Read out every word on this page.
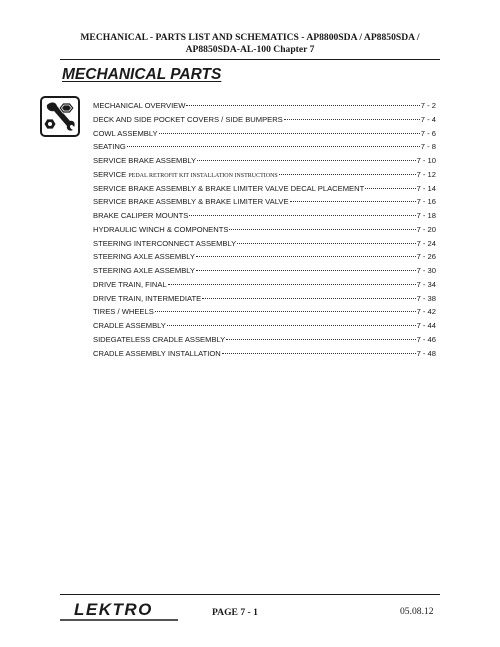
MECHANICAL - PARTS LIST AND SCHEMATICS - AP8800SDA / AP8850SDA /
AP8850SDA-AL-100 Chapter 7
MECHANICAL PARTS
MECHANICAL OVERVIEW	7 - 2
DECK AND SIDE POCKET COVERS / SIDE BUMPERS	7 - 4
COWL ASSEMBLY	7 - 6
SEATING	7 - 8
SERVICE BRAKE ASSEMBLY	7 - 10
SERVICE PEDAL RETROFIT KIT INSTALLATION INSTRUCTIONS	7 - 12
SERVICE BRAKE ASSEMBLY & BRAKE LIMITER VALVE DECAL PLACEMENT	7 - 14
SERVICE BRAKE ASSEMBLY & BRAKE LIMITER VALVE	7 - 16
BRAKE CALIPER MOUNTS	7 - 18
HYDRAULIC WINCH & COMPONENTS	7 - 20
STEERING INTERCONNECT ASSEMBLY	7 - 24
STEERING AXLE ASSEMBLY	7 - 26
STEERING AXLE ASSEMBLY	7 - 30
DRIVE TRAIN, FINAL	7 - 34
DRIVE TRAIN, INTERMEDIATE	7 - 38
TIRES / WHEELS	7 - 42
CRADLE ASSEMBLY	7 - 44
SIDEGATELESS CRADLE ASSEMBLY	7 - 46
CRADLE ASSEMBLY INSTALLATION	7 - 48
LEKTRO	PAGE 7 - 1	05.08.12
